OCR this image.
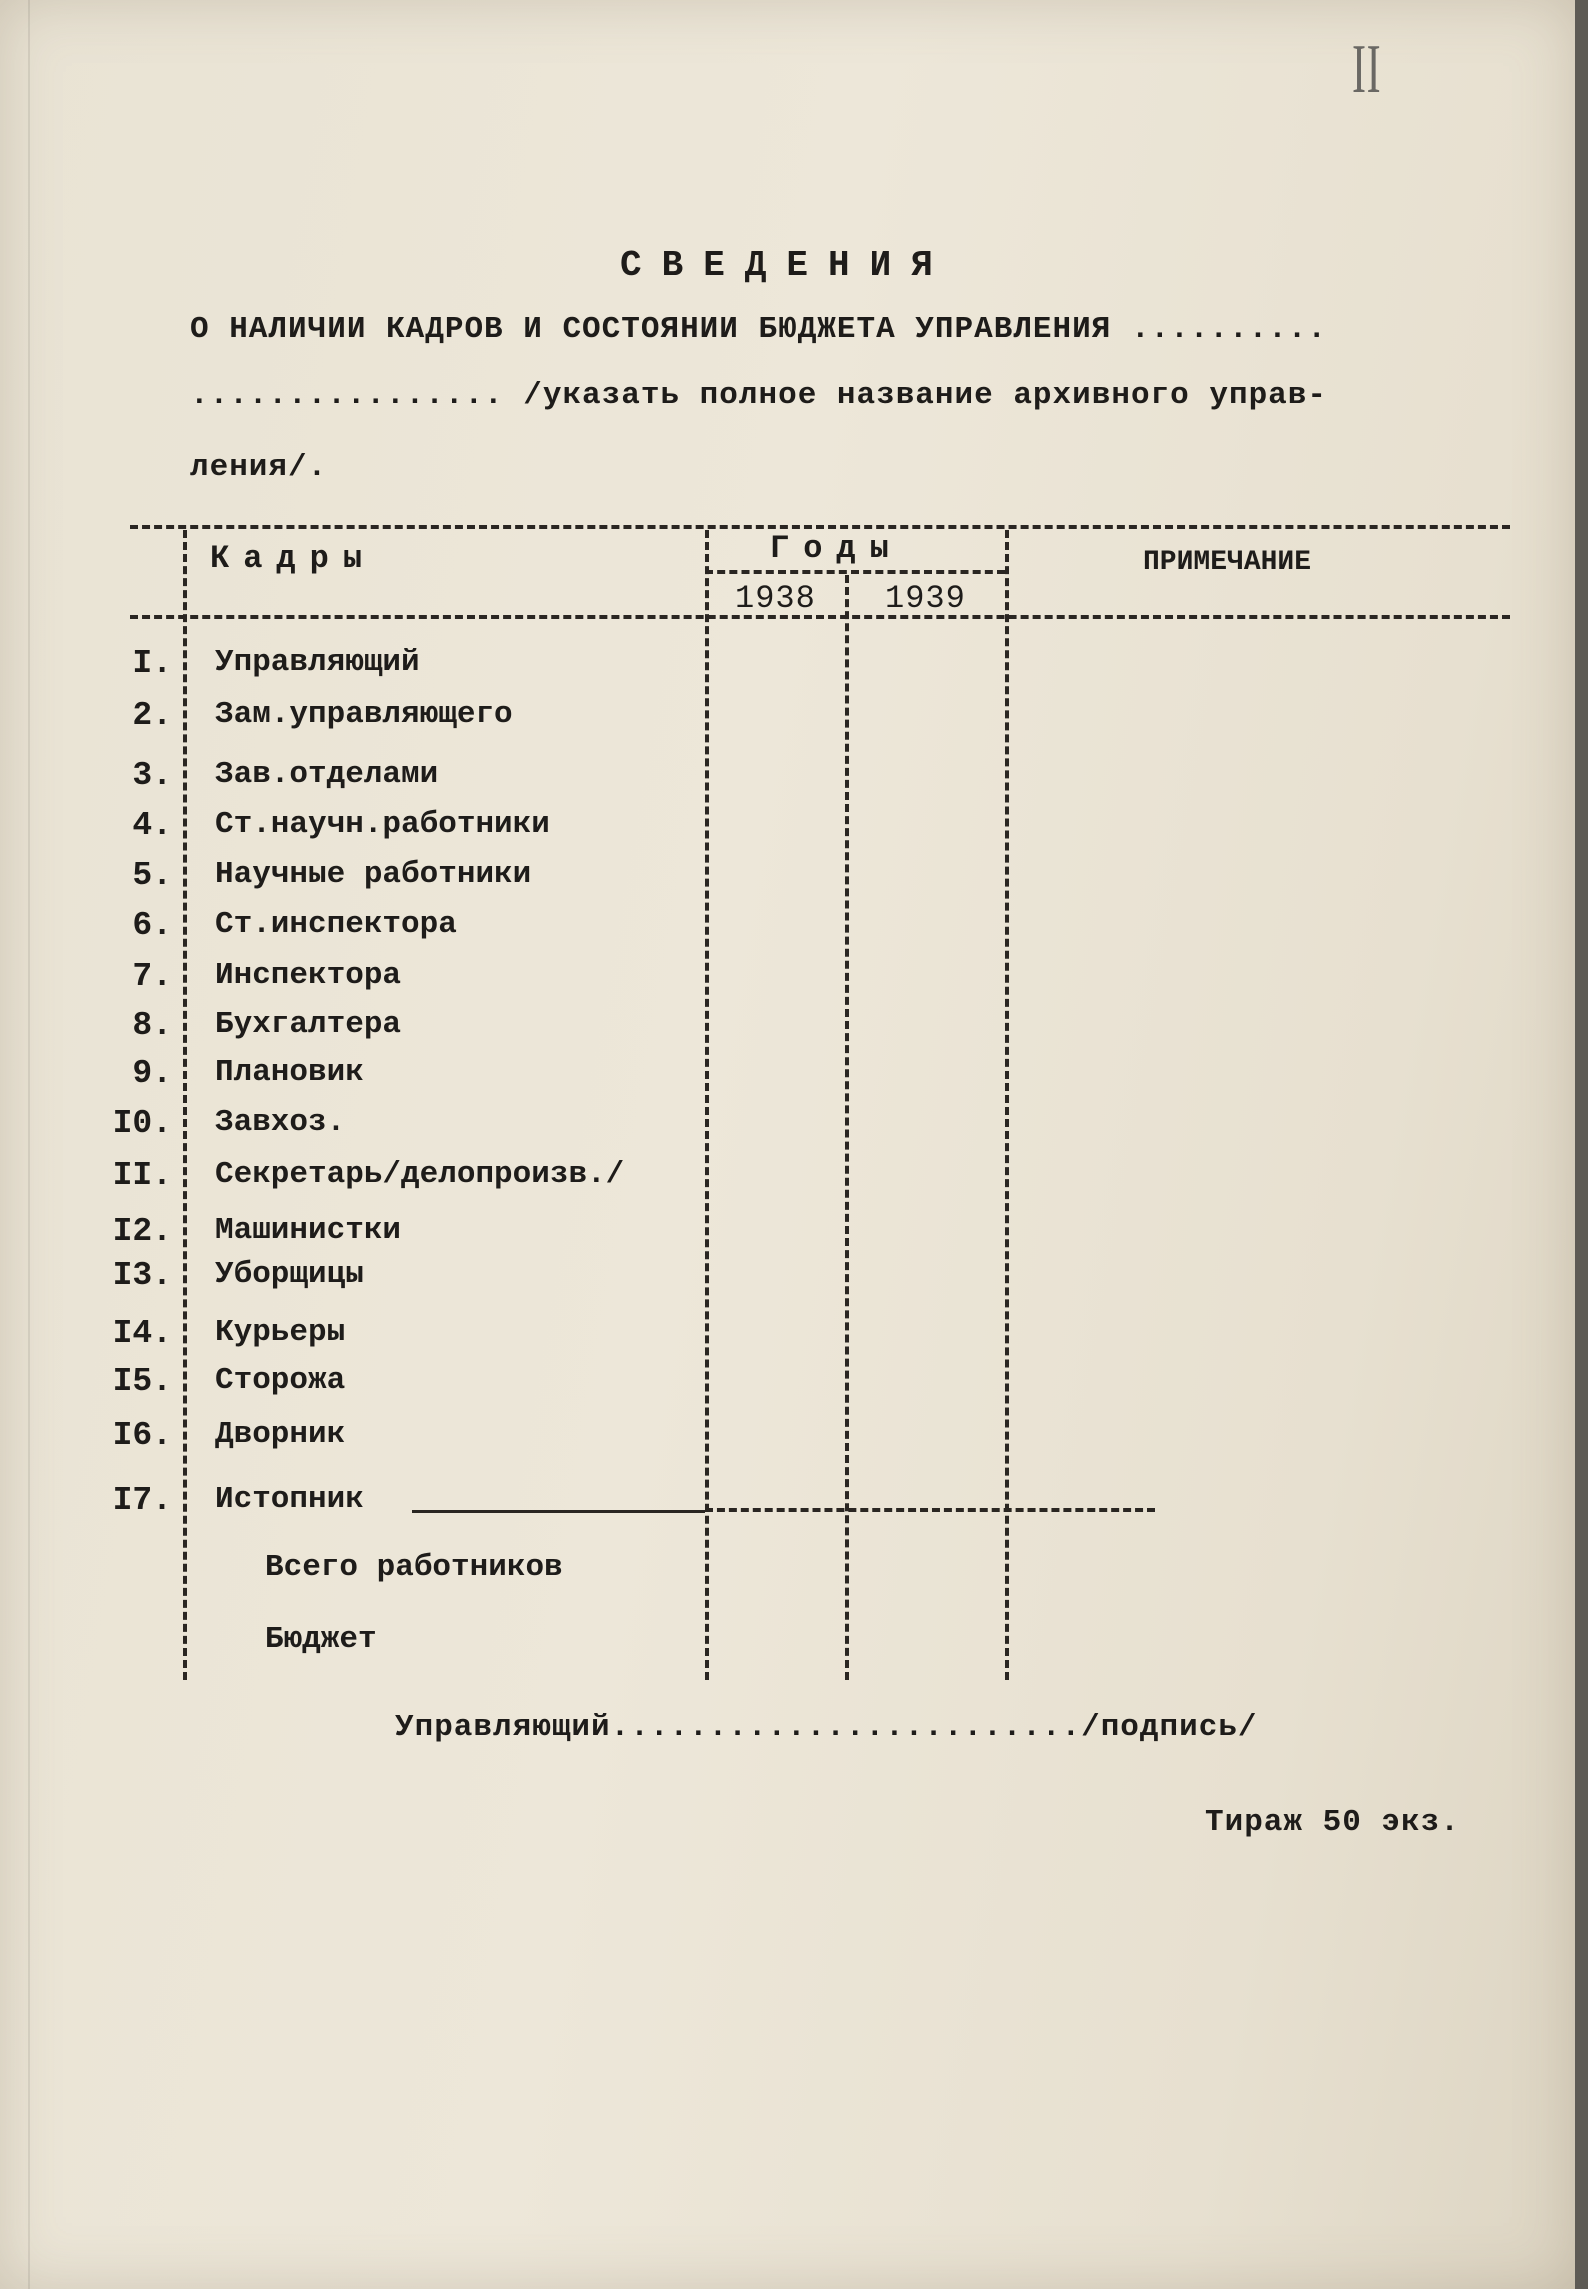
II
СВЕДЕНИЯ
О НАЛИЧИИ КАДРОВ И СОСТОЯНИИ БЮДЖЕТА УПРАВЛЕНИЯ ..........
................ /указать полное название архивного управ-
ления/.
Кадры	Годы
1938 1939
ПРИМЕЧАНИЕ
I. Управляющий
2. Зам.управляющего
3. Зав.отделами
4. Ст.научн.работники
5. Научные работники
6. Ст.инспектора
7. Инспектора
8. Бухгалтера
9. Плановик
I0. Завхоз.
II. Секретарь/делопроизв./
I2. Машинистки
I3. Уборщицы
I4. Курьеры
I5. Сторожа
I6. Дворник
I7. Истопник
Всего работников
Бюджет
Управляющий......................../подпись/
Тираж 50 экз.
